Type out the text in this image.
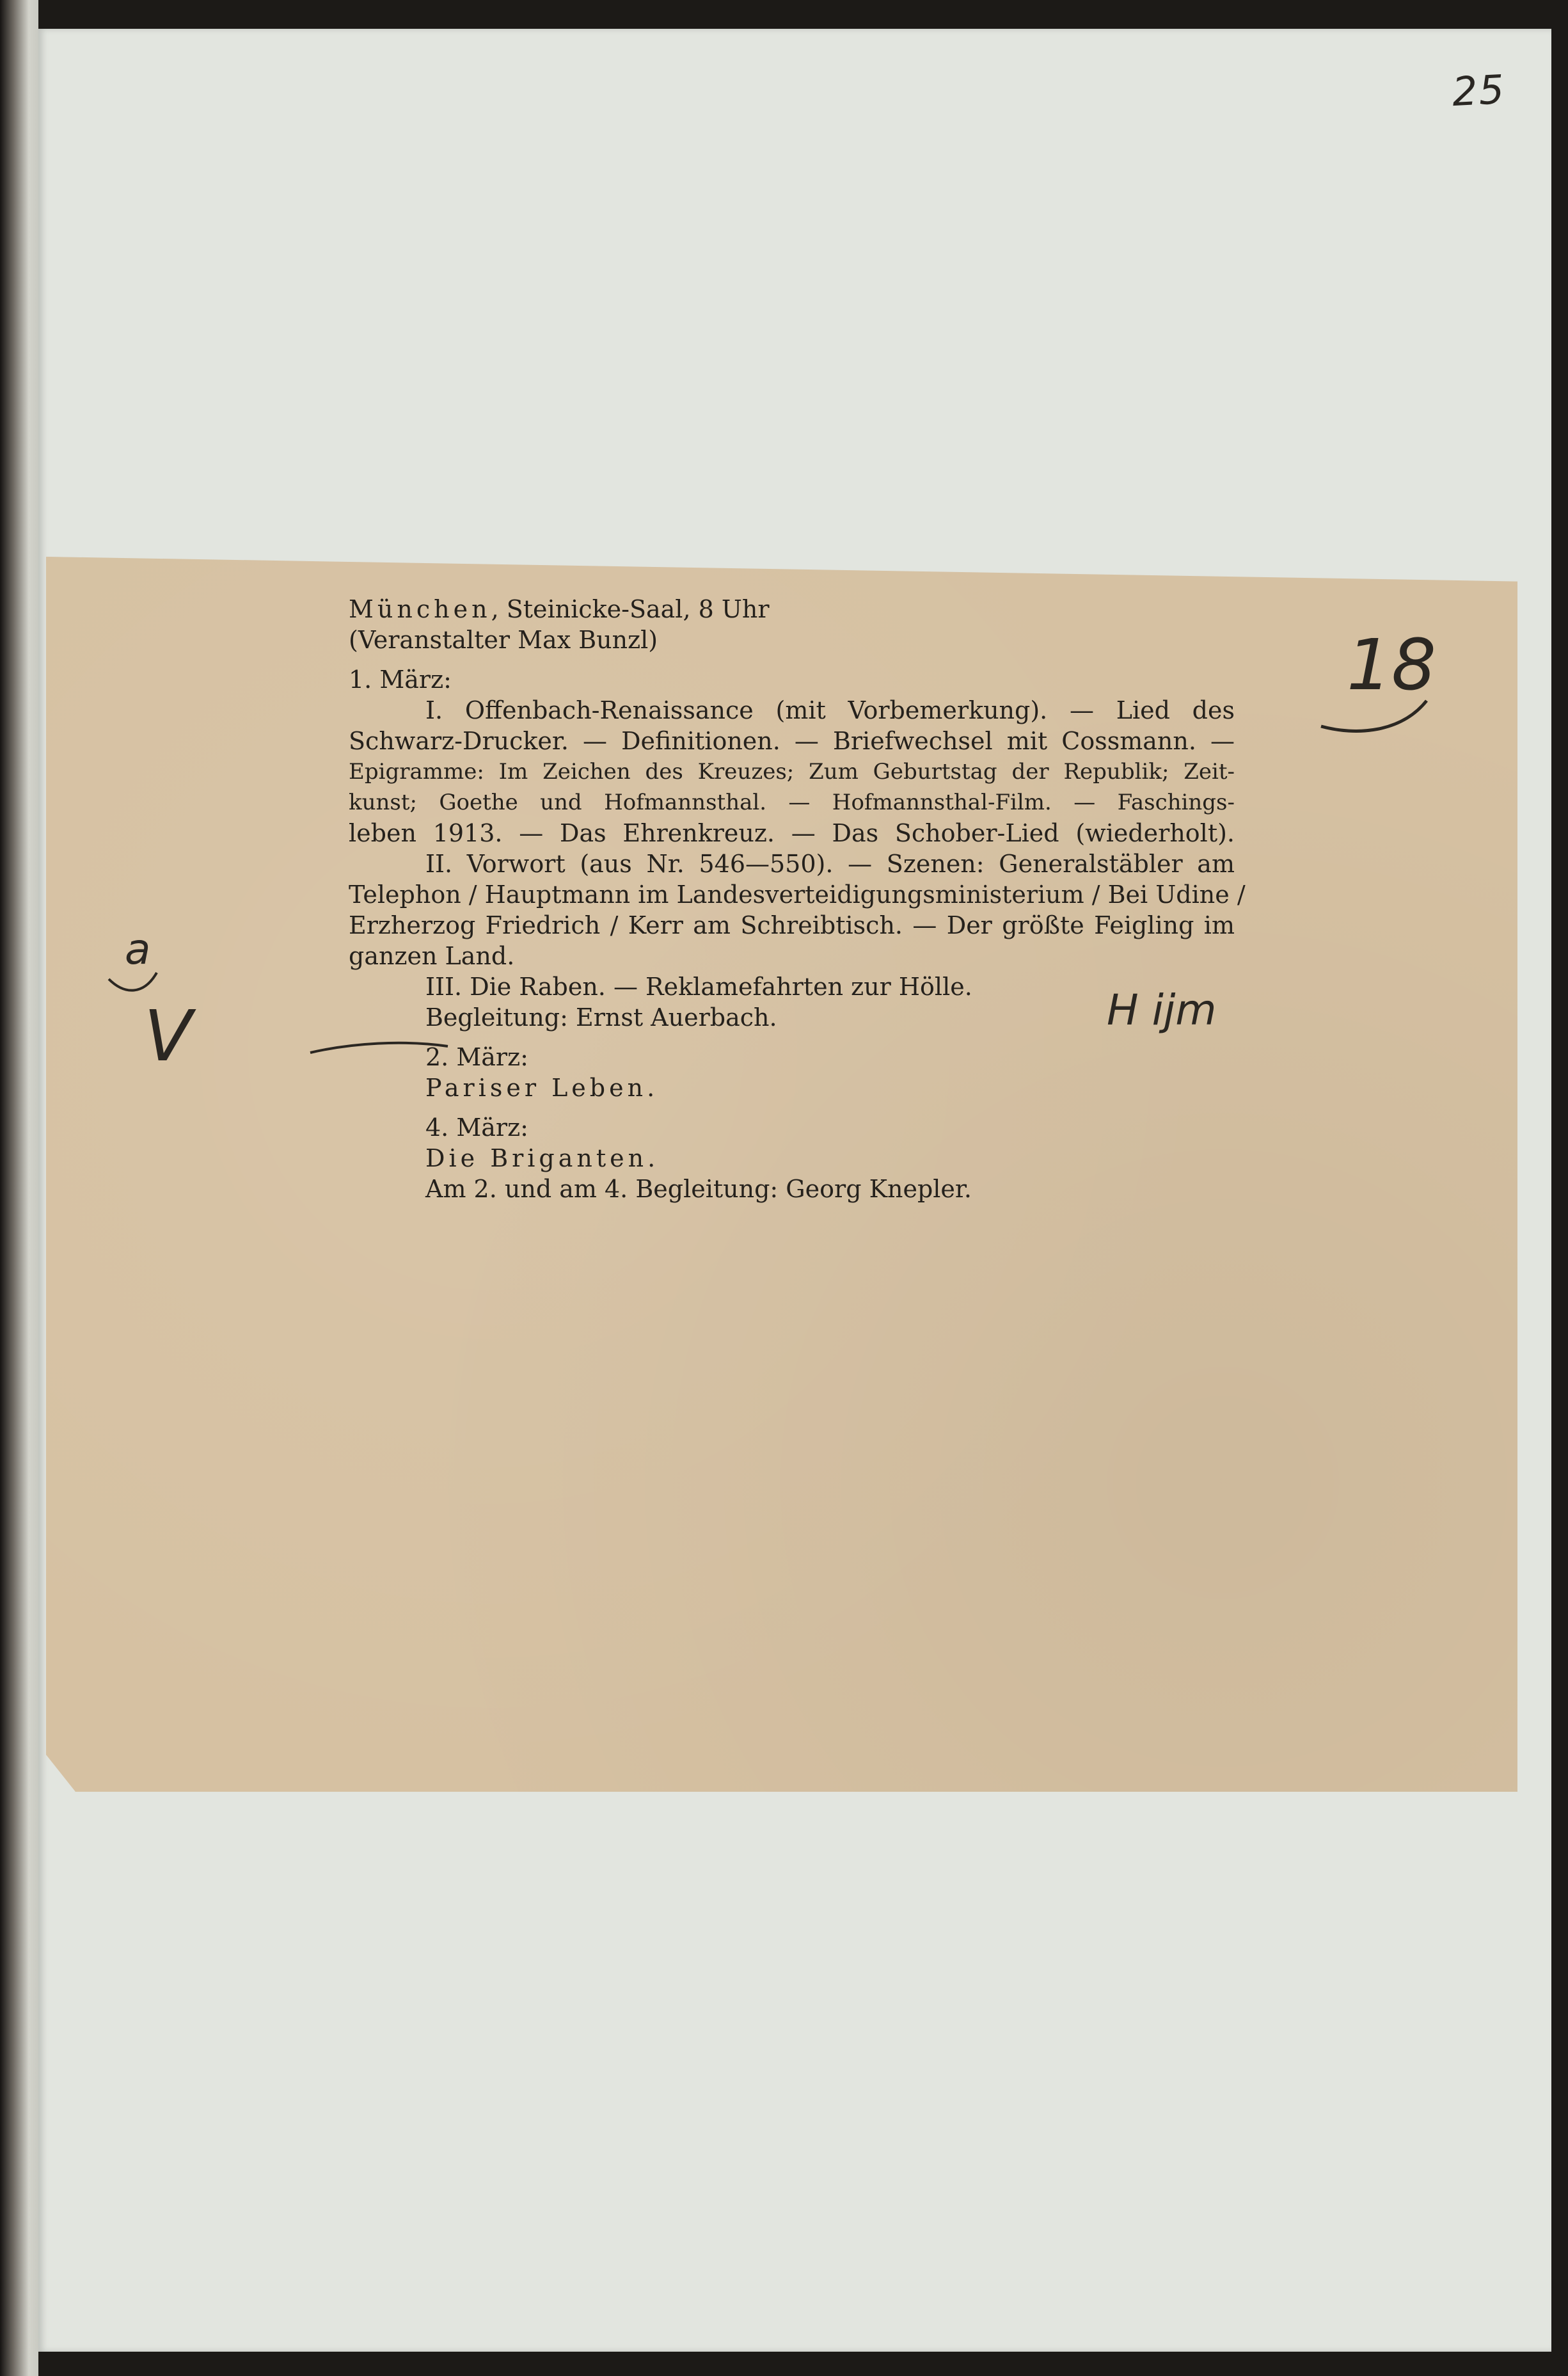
25
München, Steinicke-Saal, 8 Uhr
(Veranstalter Max Bunzl)
1. März:
I. Offenbach-Renaissance (mit Vorbemerkung). — Lied des
Schwarz-Drucker. — Definitionen. — Briefwechsel mit Cossmann. —
Epigramme: Im Zeichen des Kreuzes; Zum Geburtstag der Republik; Zeit-
kunst; Goethe und Hofmannsthal. — Hofmannsthal-Film. — Faschings-
leben 1913. — Das Ehrenkreuz. — Das Schober-Lied (wiederholt).
II. Vorwort (aus Nr. 546—550). — Szenen: Generalstäbler am
Telephon / Hauptmann im Landesverteidigungsministerium / Bei Udine /
Erzherzog Friedrich / Kerr am Schreibtisch. — Der größte Feigling im
ganzen Land.
III. Die Raben. — Reklamefahrten zur Hölle.
Begleitung: Ernst Auerbach.
2. März:
Pariser Leben.
4. März:
Die Briganten.
Am 2. und am 4. Begleitung: Georg Knepler.
18
H ijm
a
V
